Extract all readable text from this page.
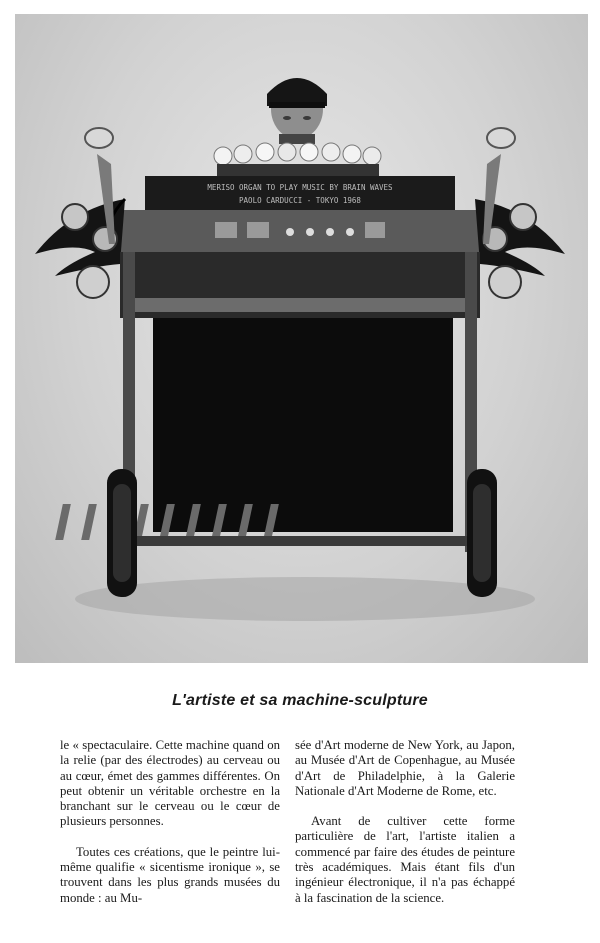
MERISO ORGAN TO PLAY MUSIC BY BRAIN WAVES
PAOLO CARDUCCI - TOKYO 1968
L'artiste et sa machine-sculpture

le « spectaculaire. Cette machine quand on la relie (par des électrodes) au cerveau ou au cœur, émet des gammes différentes. On peut obtenir un véritable orchestre en la branchant sur le cerveau ou le cœur de plusieurs personnes.

Toutes ces créations, que le peintre lui-même qualifie « sicentisme ironique », se trouvent dans les plus grands musées du monde : au Mu-

sée d'Art moderne de New York, au Japon, au Musée d'Art de Copenhague, au Musée d'Art de Philadelphie, à la Galerie Nationale d'Art Moderne de Rome, etc.

Avant de cultiver cette forme particulière de l'art, l'artiste italien a commencé par faire des études de peinture très académiques. Mais étant fils d'un ingénieur électronique, il n'a pas échappé à la fascination de la science.
